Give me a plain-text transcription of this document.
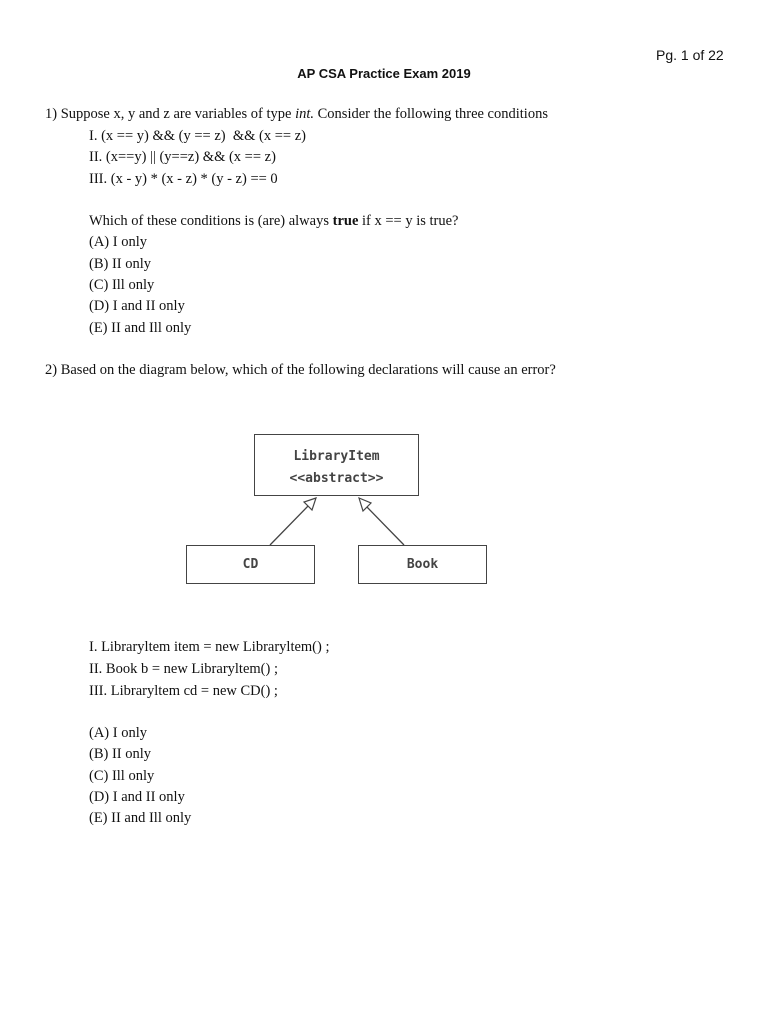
Pg. 1 of 22
AP CSA Practice Exam 2019
1) Suppose x, y and z are variables of type int. Consider the following three conditions
I. (x == y) && (y == z)  && (x == z)
II. (x==y) || (y==z) && (x == z)
III. (x - y) * (x - z) * (y - z) == 0
Which of these conditions is (are) always true if x == y is true?
(A) I only
(B) II only
(C) Ill only
(D) I and II only
(E) II and Ill only
2) Based on the diagram below, which of the following declarations will cause an error?
LibraryItem
<<abstract>>
CD	Book
I. Libraryltem item = new Libraryltem() ;
II. Book b = new Libraryltem() ;
III. Libraryltem cd = new CD() ;
(A) I only
(B) II only
(C) Ill only
(D) I and II only
(E) II and Ill only
